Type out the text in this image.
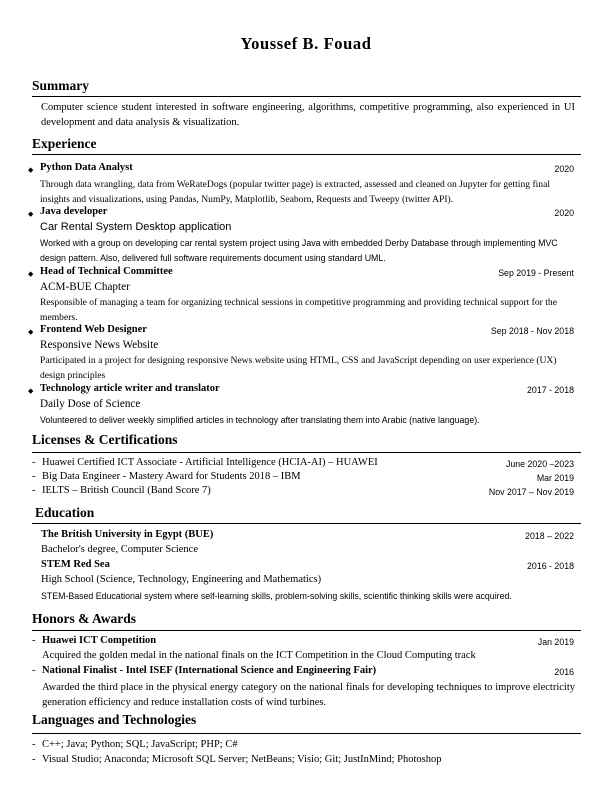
Youssef B. Fouad
Summary
Computer science student interested in software engineering, algorithms, competitive programming, also experienced in UI development and data analysis & visualization.
Experience
◆ Python Data Analyst	2020
Through data wrangling, data from WeRateDogs (popular twitter page) is extracted, assessed and cleaned on Jupyter for getting final insights and visualizations, using Pandas, NumPy, Matplotlib, Seaborn, Requests and Tweepy (twitter API).
◆ Java developer	2020
Car Rental System Desktop application
Worked with a group on developing car rental system project using Java with embedded Derby Database through implementing MVC design pattern. Also, delivered full software requirements document using standard UML.
◆ Head of Technical Committee	Sep 2019 - Present
ACM-BUE Chapter
Responsible of managing a team for organizing technical sessions in competitive programming and providing technical support for the members.
◆ Frontend Web Designer	Sep 2018 - Nov 2018
Responsive News Website
Participated in a project for designing responsive News website using HTML, CSS and JavaScript depending on user experience (UX) design principles
◆ Technology article writer and translator	2017 - 2018
Daily Dose of Science
Volunteered to deliver weekly simplified articles in technology after translating them into Arabic (native language).
Licenses & Certifications
- Huawei Certified ICT Associate - Artificial Intelligence (HCIA-AI) – HUAWEI	June 2020 –2023
- Big Data Engineer - Mastery Award for Students 2018 – IBM	Mar 2019
- IELTS – British Council (Band Score 7)	Nov 2017 – Nov 2019
Education
The British University in Egypt (BUE)	2018 – 2022
Bachelor's degree, Computer Science
STEM Red Sea	2016 - 2018
High School (Science, Technology, Engineering and Mathematics)
STEM-Based Educational system where self-learning skills, problem-solving skills, scientific thinking skills were acquired.
Honors & Awards
- Huawei ICT Competition	Jan 2019
Acquired the golden medal in the national finals on the ICT Competition in the Cloud Computing track
- National Finalist - Intel ISEF (International Science and Engineering Fair)	2016
Awarded the third place in the physical energy category on the national finals for developing techniques to improve electricity generation efficiency and reduce installation costs of wind turbines.
Languages and Technologies
- C++; Java; Python; SQL; JavaScript; PHP; C#
- Visual Studio; Anaconda; Microsoft SQL Server; NetBeans; Visio; Git; JustInMind; Photoshop
